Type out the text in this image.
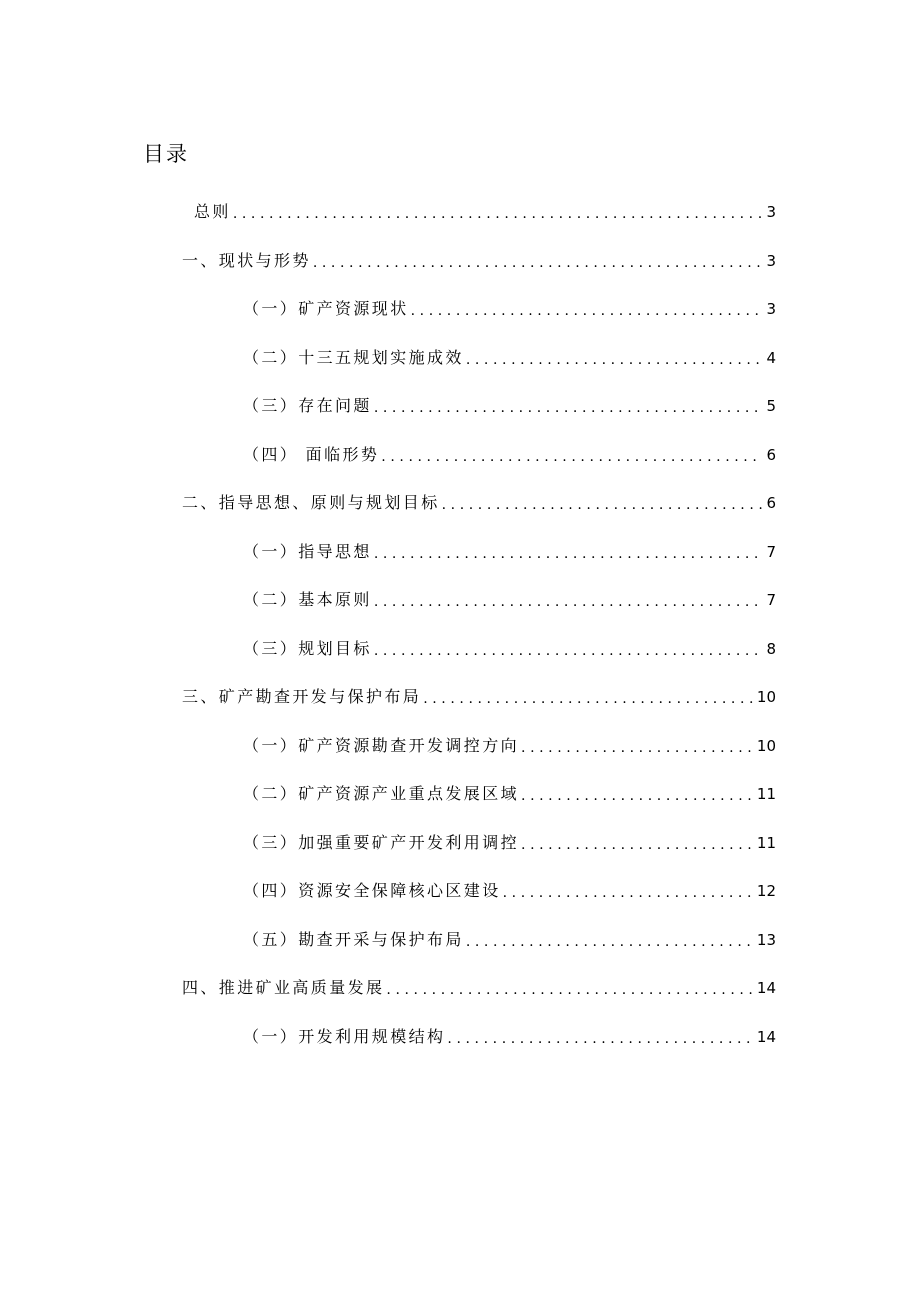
目录
总则 .....	3
一、现状与形势 .....	3
（一）矿产资源现状 .....	3
（二）十三五规划实施成效 .....	4
（三）存在问题 .....	5
（四） 面临形势 .....	6
二、指导思想、原则与规划目标 .....	6
（一）指导思想 .....	7
（二）基本原则 .....	7
（三）规划目标 .....	8
三、矿产勘查开发与保护布局 .....	10
（一）矿产资源勘查开发调控方向 .....	10
（二）矿产资源产业重点发展区域 .....	11
（三）加强重要矿产开发利用调控 .....	11
（四）资源安全保障核心区建设 .....	12
（五）勘查开采与保护布局 .....	13
四、推进矿业高质量发展 .....	14
（一）开发利用规模结构 .....	14
